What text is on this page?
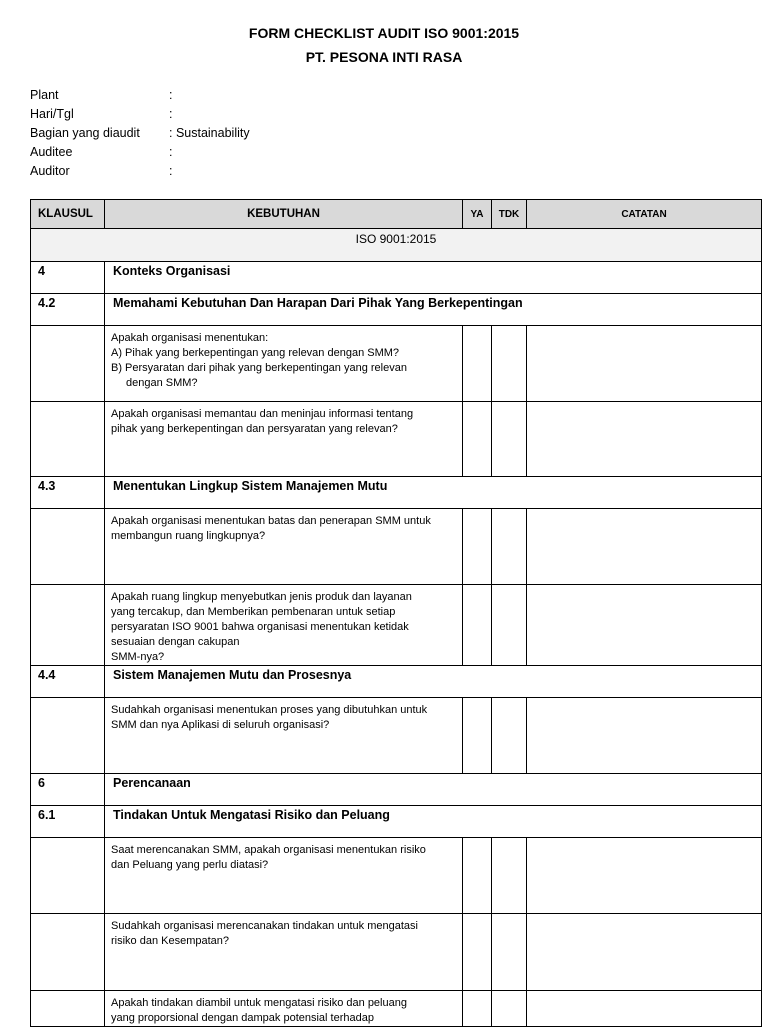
FORM CHECKLIST AUDIT ISO 9001:2015
PT. PESONA INTI RASA
Plant	:
Hari/Tgl	:
Bagian yang diaudit	: Sustainability
Auditee	:
Auditor	:
KLAUSUL	KEBUTUHAN	YA	TDK	CATATAN
ISO 9001:2015				
4	Konteks Organisasi			
4.2	Memahami Kebutuhan Dan Harapan Dari Pihak Yang Berkepentingan			

	Apakah organisasi menentukan:
A) Pihak yang berkepentingan yang relevan dengan SMM?
B) Persyaratan dari pihak yang berkepentingan yang relevan
dengan SMM?			

	Apakah organisasi memantau dan meninjau informasi tentang
pihak yang berkepentingan dan persyaratan yang relevan?			

4.3	Menentukan Lingkup Sistem Manajemen Mutu			

	Apakah organisasi menentukan batas dan penerapan SMM untuk
membangun ruang lingkupnya?			

	Apakah ruang lingkup menyebutkan jenis produk dan layanan
yang tercakup, dan Memberikan pembenaran untuk setiap
persyaratan ISO 9001 bahwa organisasi menentukan ketidak
sesuaian dengan cakupan
SMM-nya?			

4.4	Sistem Manajemen Mutu dan Prosesnya			

	Sudahkah organisasi menentukan proses yang dibutuhkan untuk
SMM dan nya Aplikasi di seluruh organisasi?			

6	Perencanaan			
6.1	Tindakan Untuk Mengatasi Risiko dan Peluang			

	Saat merencanakan SMM, apakah organisasi menentukan risiko
dan Peluang yang perlu diatasi?			

	Sudahkah organisasi merencanakan tindakan untuk mengatasi
risiko dan Kesempatan?			

	Apakah tindakan diambil untuk mengatasi risiko dan peluang
yang proporsional dengan dampak potensial terhadap			
